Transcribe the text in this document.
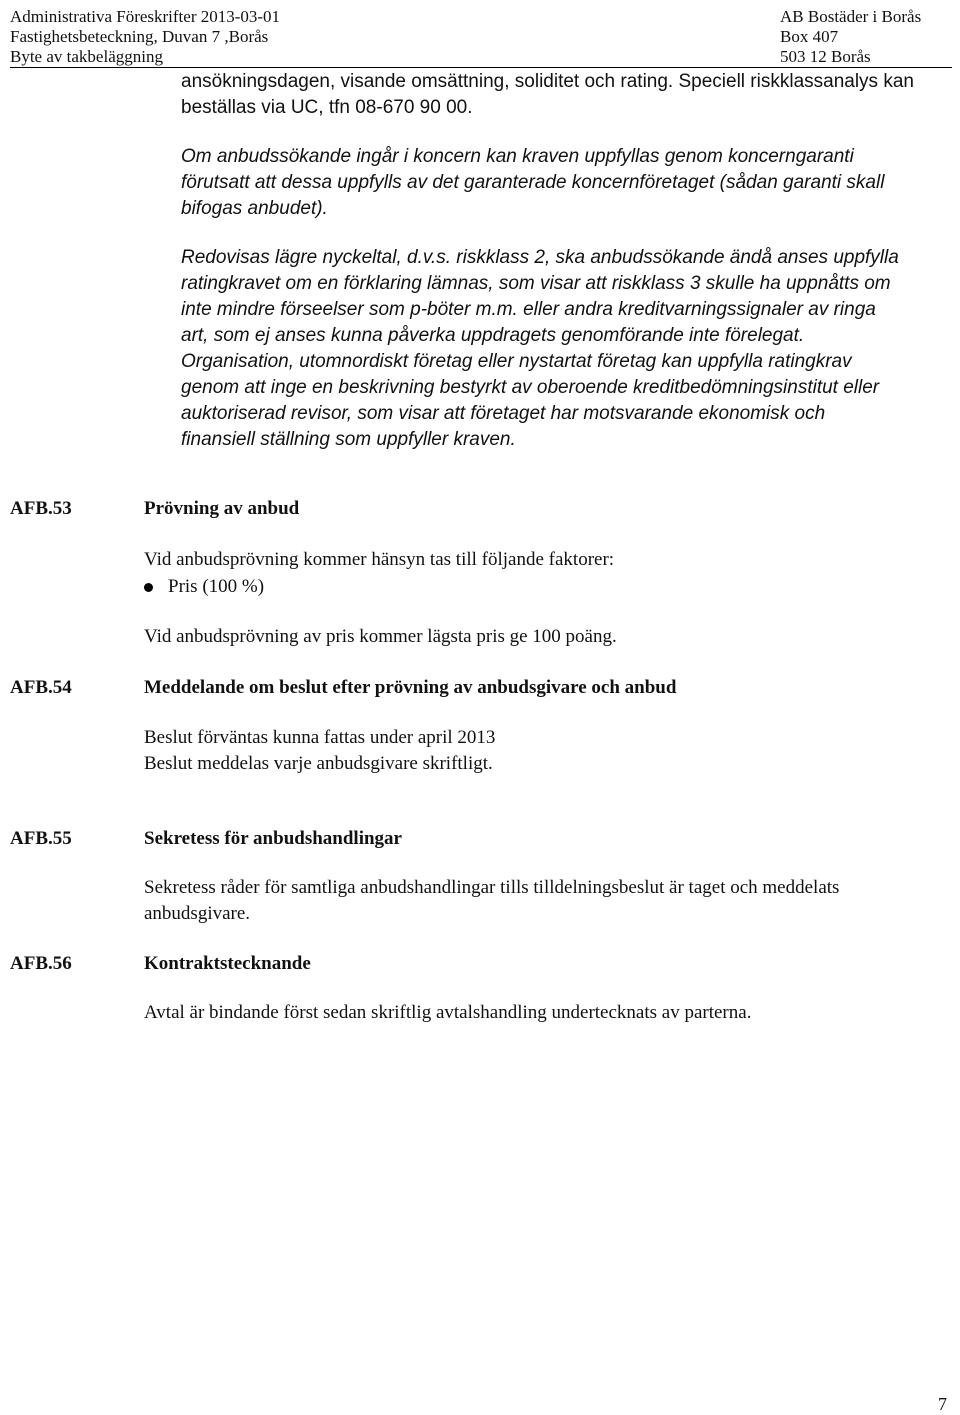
Administrativa Föreskrifter 2013-03-01
Fastighetsbeteckning, Duvan 7 ,Borås
Byte av takbeläggning
AB Bostäder i Borås
Box 407
503 12 Borås

ansökningsdagen, visande omsättning, soliditet och rating. Speciell riskklassanalys kan

beställas via UC, tfn 08-670 90 00.

Om anbudssökande ingår i koncern kan kraven uppfyllas genom koncerngaranti

förutsatt att dessa uppfylls av det garanterade koncernföretaget (sådan garanti skall

bifogas anbudet).

Redovisas lägre nyckeltal, d.v.s. riskklass 2, ska anbudssökande ändå anses uppfylla

ratingkravet om en förklaring lämnas, som visar att riskklass 3 skulle ha uppnåtts om

inte mindre förseelser som p-böter m.m. eller andra kreditvarningssignaler av ringa

art, som ej anses kunna påverka uppdragets genomförande inte förelegat.

Organisation, utomnordiskt företag eller nystartat företag kan uppfylla ratingkrav

genom att inge en beskrivning bestyrkt av oberoende kreditbedömningsinstitut eller

auktoriserad revisor, som visar att företaget har motsvarande ekonomisk och

finansiell ställning som uppfyller kraven.

AFB.53	Prövning av anbud
Vid anbudsprövning kommer hänsyn tas till följande faktorer:
Pris (100 %)
Vid anbudsprövning av pris kommer lägsta pris ge 100 poäng.
AFB.54	Meddelande om beslut efter prövning av anbudsgivare och anbud

Beslut förväntas kunna fattas under april 2013

Beslut meddelas varje anbudsgivare skriftligt.

AFB.55	Sekretess för anbudshandlingar

Sekretess råder för samtliga anbudshandlingar tills tilldelningsbeslut är taget och meddelats

anbudsgivare.

AFB.56	Kontraktstecknande
Avtal är bindande först sedan skriftlig avtalshandling undertecknats av parterna.
7
